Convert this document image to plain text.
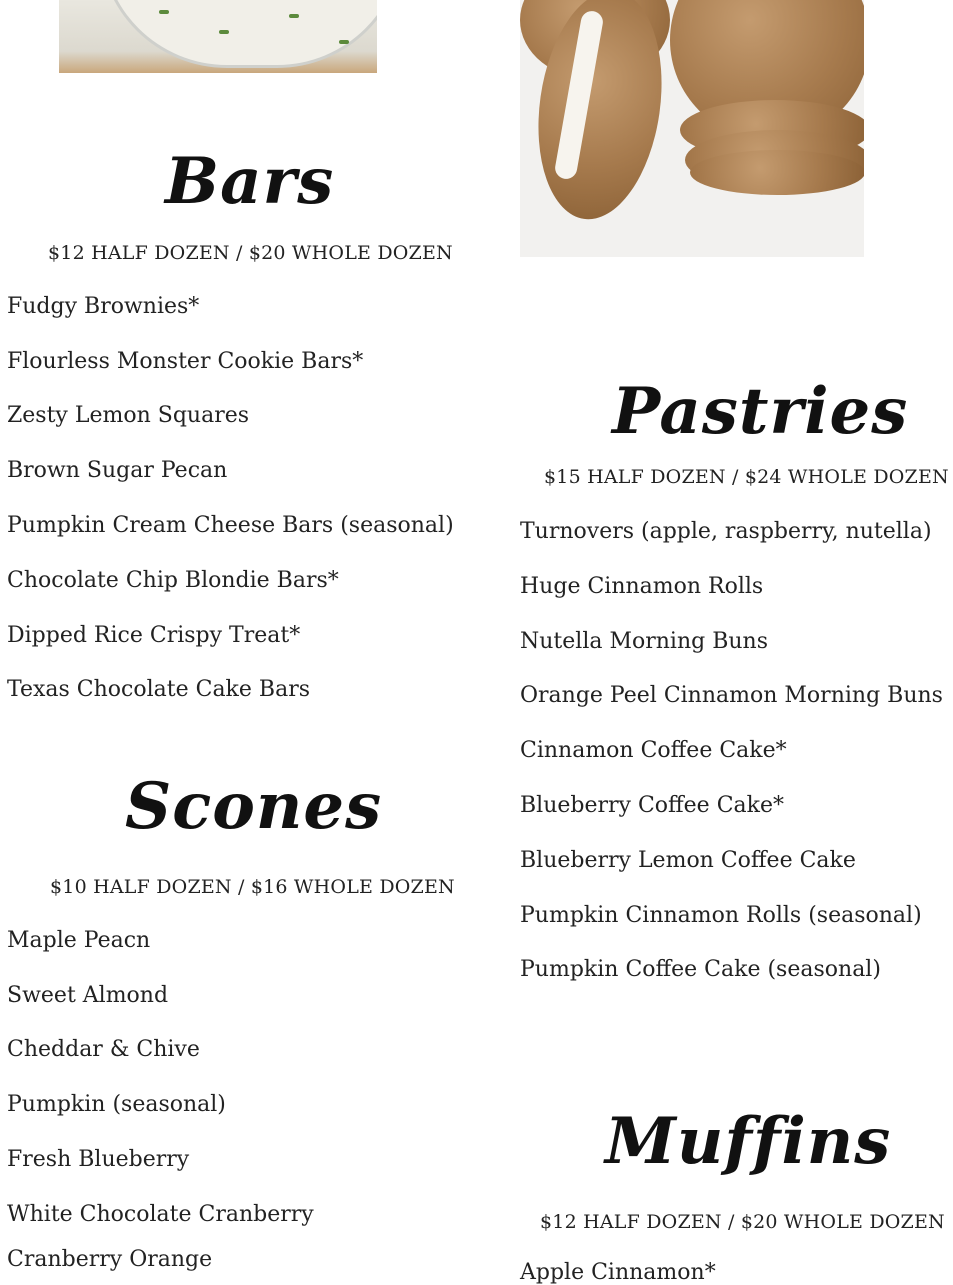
Bars
$12 HALF DOZEN / $20 WHOLE DOZEN
Fudgy Brownies*
Flourless Monster Cookie Bars*
Zesty Lemon Squares
Brown Sugar Pecan
Pumpkin Cream Cheese Bars (seasonal)
Chocolate Chip Blondie Bars*
Dipped Rice Crispy Treat*
Texas Chocolate Cake Bars
Scones
$10 HALF DOZEN / $16 WHOLE DOZEN
Maple Peacn
Sweet Almond
Cheddar & Chive
Pumpkin (seasonal)
Fresh Blueberry
White Chocolate Cranberry
Cranberry Orange
Pastries
$15 HALF DOZEN / $24 WHOLE DOZEN
Turnovers (apple, raspberry, nutella)
Huge Cinnamon Rolls
Nutella Morning Buns
Orange Peel Cinnamon Morning Buns
Cinnamon Coffee Cake*
Blueberry Coffee Cake*
Blueberry Lemon Coffee Cake
Pumpkin Cinnamon Rolls (seasonal)
Pumpkin Coffee Cake (seasonal)
Muffins
$12 HALF DOZEN / $20 WHOLE DOZEN
Apple Cinnamon*
